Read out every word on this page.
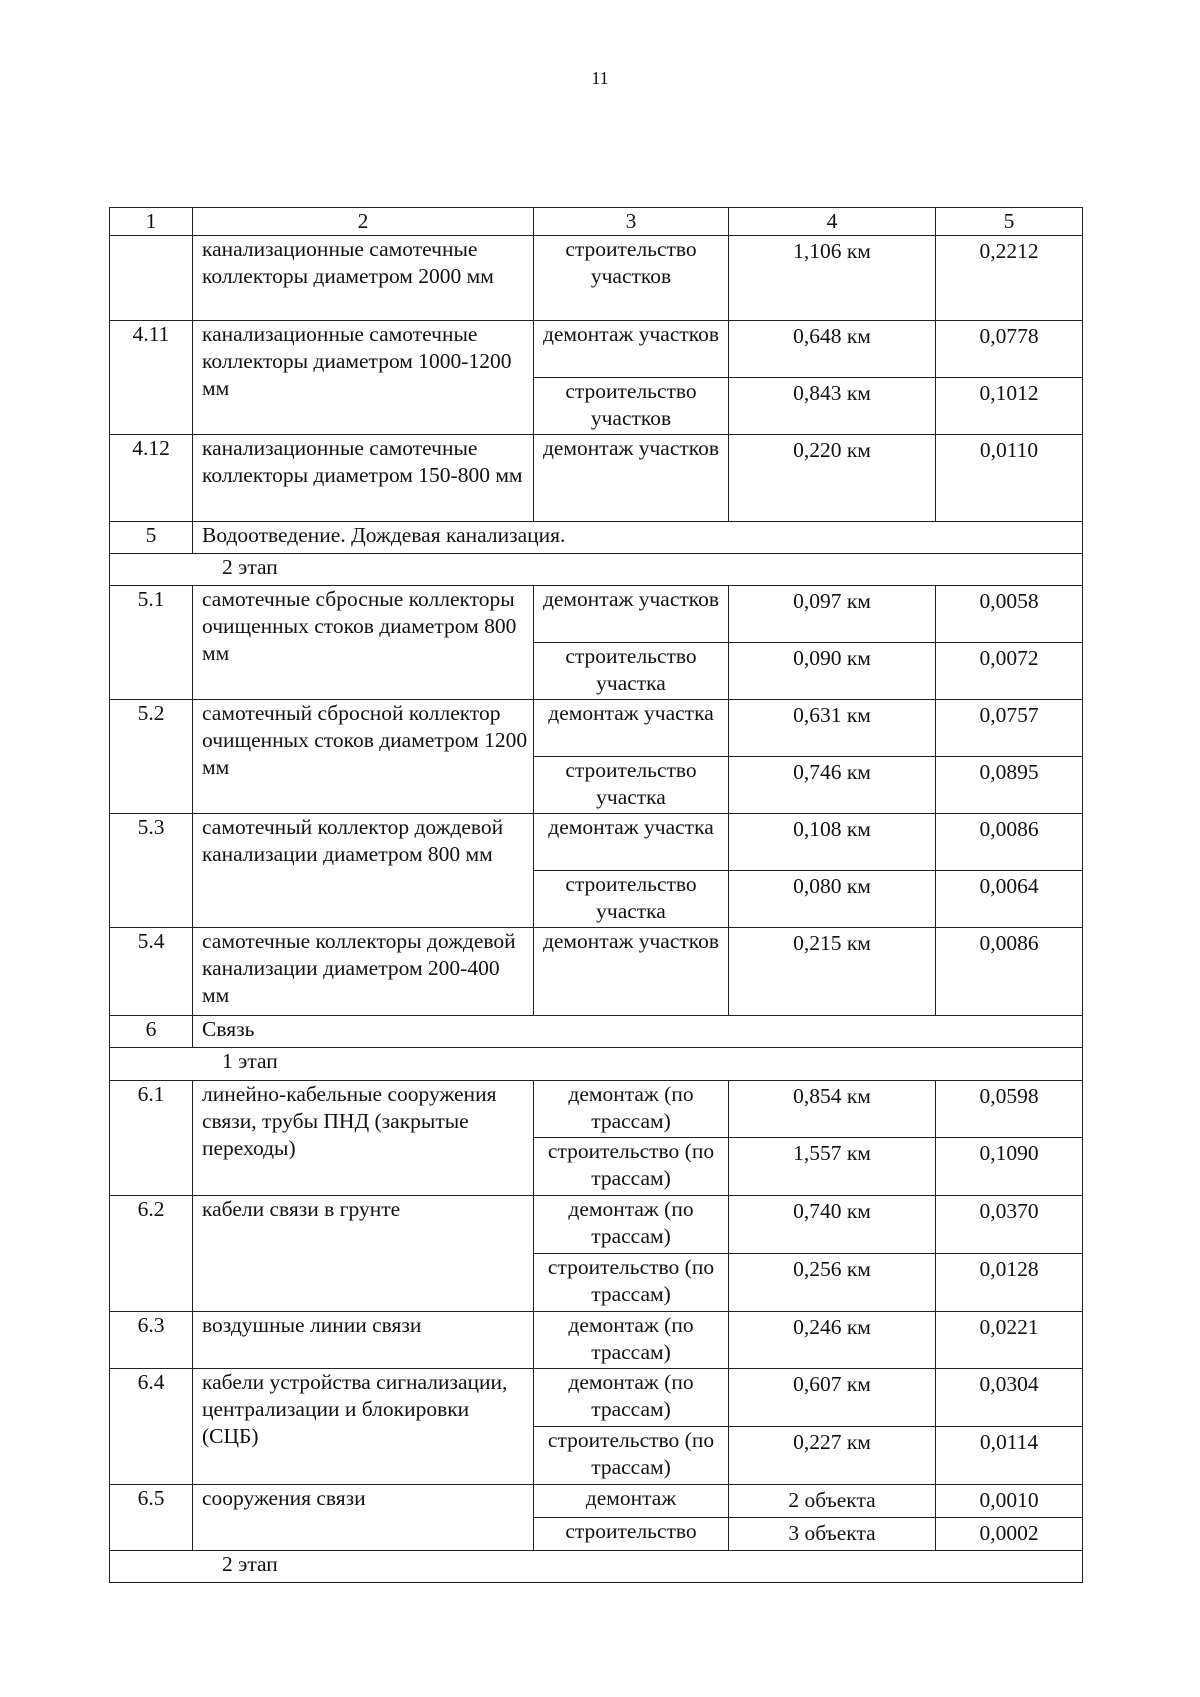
11
1	2	3	4	5
	канализационные самотечные коллекторы диаметром 2000 мм	строительство участков	1,106 км	0,2212
4.11	канализационные самотечные коллекторы диаметром 1000-1200 мм	демонтаж участков	0,648 км	0,0778
		строительство участков	0,843 км	0,1012
4.12	канализационные самотечные коллекторы диаметром 150-800 мм	демонтаж участков	0,220 км	0,0110
5	Водоотведение. Дождевая канализация.			
2 этап				
5.1	самотечные сбросные коллекторы очищенных стоков диаметром 800 мм	демонтаж участков	0,097 км	0,0058
		строительство участка	0,090 км	0,0072
5.2	самотечный сбросной коллектор очищенных стоков диаметром 1200 мм	демонтаж участка	0,631 км	0,0757
		строительство участка	0,746 км	0,0895
5.3	самотечный коллектор дождевой канализации диаметром 800 мм	демонтаж участка	0,108 км	0,0086
		строительство участка	0,080 км	0,0064
5.4	самотечные коллекторы дождевой канализации диаметром 200-400 мм	демонтаж участков	0,215 км	0,0086
6	Связь			
1 этап				
6.1	линейно-кабельные сооружения связи, трубы ПНД (закрытые переходы)	демонтаж (по трассам)	0,854 км	0,0598
		строительство (по трассам)	1,557 км	0,1090
6.2	кабели связи в грунте	демонтаж (по трассам)	0,740 км	0,0370
		строительство (по трассам)	0,256 км	0,0128
6.3	воздушные линии связи	демонтаж (по трассам)	0,246 км	0,0221
6.4	кабели устройства сигнализации, централизации и блокировки (СЦБ)	демонтаж (по трассам)	0,607 км	0,0304
		строительство (по трассам)	0,227 км	0,0114
6.5	сооружения связи	демонтаж	2 объекта	0,0010
		строительство	3 объекта	0,0002
2 этап				
